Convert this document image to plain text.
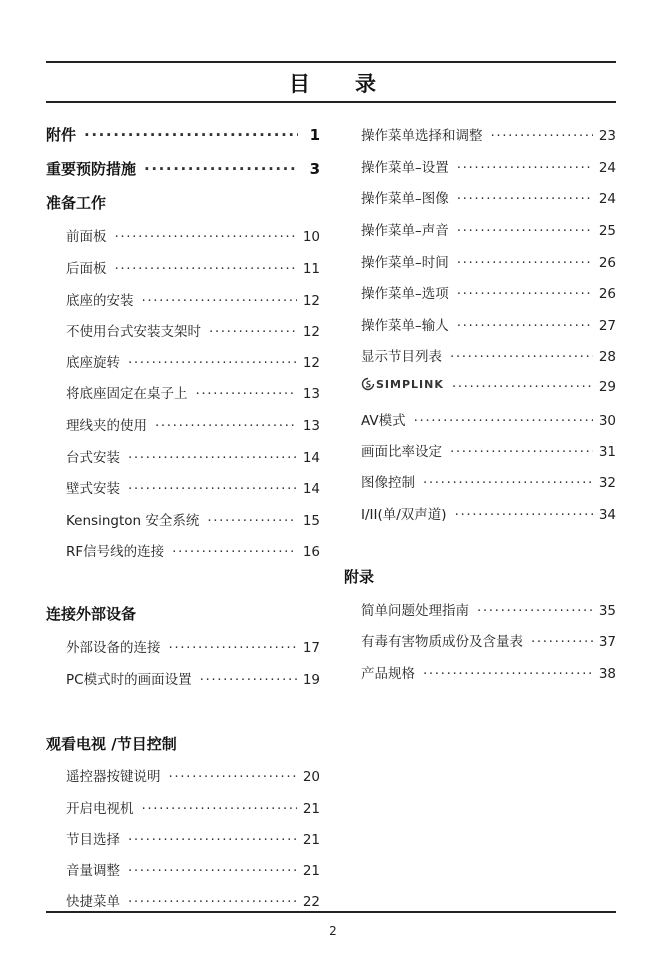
目 录
附件 ·····	1
重要预防措施 ·····	3
准备工作
前面板 ·····	10
后面板 ·····	11
底座的安装 ·····	12
不使用台式安装支架时 ·····	12
底座旋转 ·····	12
将底座固定在桌子上 ·····	13
理线夹的使用 ·····	13
台式安装 ·····	14
壁式安装 ·····	14
Kensington 安全系统 ·····	15
RF信号线的连接 ·····	16
连接外部设备
外部设备的连接 ·····	17
PC模式时的画面设置 ·····	19
观看电视 /节目控制
遥控器按键说明 ·····	20
开启电视机 ·····	21
节目选择 ·····	21
音量调整 ·····	21
快捷菜单 ·····	22
操作菜单选择和调整 ·····	23
操作菜单–设置 ·····	24
操作菜单–图像 ·····	24
操作菜单–声音 ·····	25
操作菜单–时间 ·····	26
操作菜单–选项 ·····	26
操作菜单–输人 ·····	27
显示节目列表 ·····	28
SIMPLINK ·····	29
AV模式 ·····	30
画面比率设定 ·····	31
图像控制 ·····	32
I/II(单/双声道) ·····	34
附录
简单问题处理指南 ·····	35
有毒有害物质成份及含量表 ·····	37
产品规格 ·····	38
2
